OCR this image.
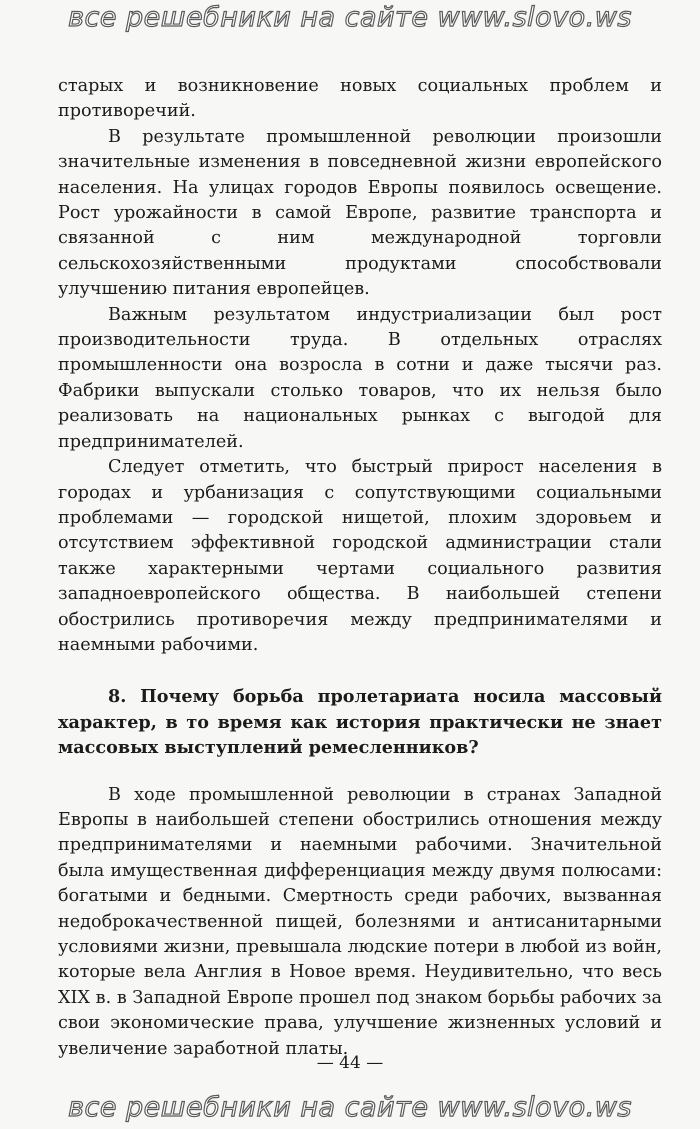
все решебники на сайте www.slovo.ws

старых и возникновение новых социальных проблем и противоречий.

В результате промышленной революции произошли значительные изменения в повседневной жизни европейского населения. На улицах городов Европы появилось освещение. Рост урожайности в самой Европе, развитие транспорта и связанной с ним международной торговли сельскохозяйственными продуктами способствовали улучшению питания европейцев.

Важным результатом индустриализации был рост производительности труда. В отдельных отраслях промышленности она возросла в сотни и даже тысячи раз. Фабрики выпускали столько товаров, что их нельзя было реализовать на национальных рынках с выгодой для предпринимателей.

Следует отметить, что быстрый прирост населения в городах и урбанизация с сопутствующими социальными проблемами — городской нищетой, плохим здоровьем и отсутствием эффективной городской администрации стали также характерными чертами социального развития западноевропейского общества. В наибольшей степени обострились противоречия между предпринимателями и наемными рабочими.

8. Почему борьба пролетариата носила массовый характер, в то время как история практически не знает массовых выступлений ремесленников?

В ходе промышленной революции в странах Западной Европы в наибольшей степени обострились отношения между предпринимателями и наемными рабочими. Значительной была имущественная дифференциация между двумя полюсами: богатыми и бедными. Смертность среди рабочих, вызванная недоброкачественной пищей, болезнями и антисанитарными условиями жизни, превышала людские потери в любой из войн, которые вела Англия в Новое время. Неудивительно, что весь XIX в. в Западной Европе прошел под знаком борьбы рабочих за свои экономические права, улучшение жизненных условий и увеличение заработной платы.

— 44 —
все решебники на сайте www.slovo.ws
